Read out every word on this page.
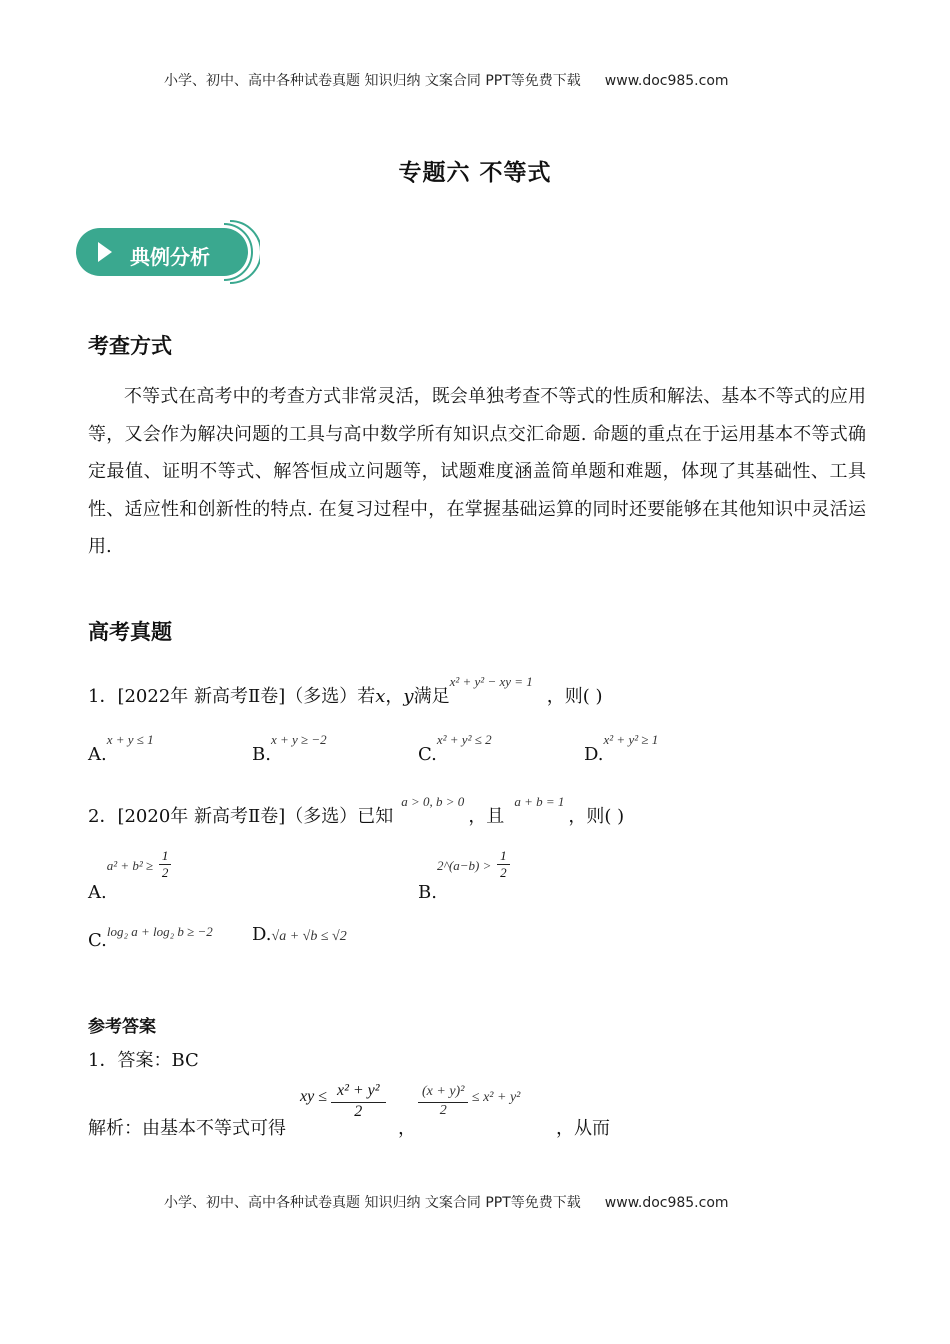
小学、初中、高中各种试卷真题 知识归纳 文案合同 PPT等免费下载 www.doc985.com
专题六 不等式
典例分析
考查方式
不等式在高考中的考查方式非常灵活，既会单独考查不等式的性质和解法、基本不等式的应用等，又会作为解决问题的工具与高中数学所有知识点交汇命题. 命题的重点在于运用基本不等式确定最值、证明不等式、解答恒成立问题等，试题难度涵盖简单题和难题，体现了其基础性、工具性、适应性和创新性的特点. 在复习过程中，在掌握基础运算的同时还要能够在其他知识中灵活运用.
高考真题
1．[2022年 新高考Ⅱ卷]（多选）若x，y满足$^{x^2 + y^2 - xy = 1}$，则( )
A.$^{x + y \le 1}$
B.$^{x + y \ge -2}$
C.$^{x^2 + y^2 \le 2}$
D.$^{x^2 + y^2 \ge 1}$
2．[2020年 新高考Ⅱ卷]（多选）已知$^{a > 0, b > 0}$，且$^{a + b = 1}$，则( )
$A.a^2 + b^2 \ge \frac{1}{2}$
B.2^(a−b) > $\frac{1}{2}$
C.$^{log_2 a + log_2 b \ge -2}$ D.√a + √b ≤ √2
参考答案
1．答案：BC
解析：由基本不等式可得
xy ≤ $\frac{\text{x² + y²}}{2}$
，
$\frac{\text{(x + y)²}}{2} \le x^2 + y^2$
，从而
小学、初中、高中各种试卷真题 知识归纳 文案合同 PPT等免费下载 www.doc985.com
